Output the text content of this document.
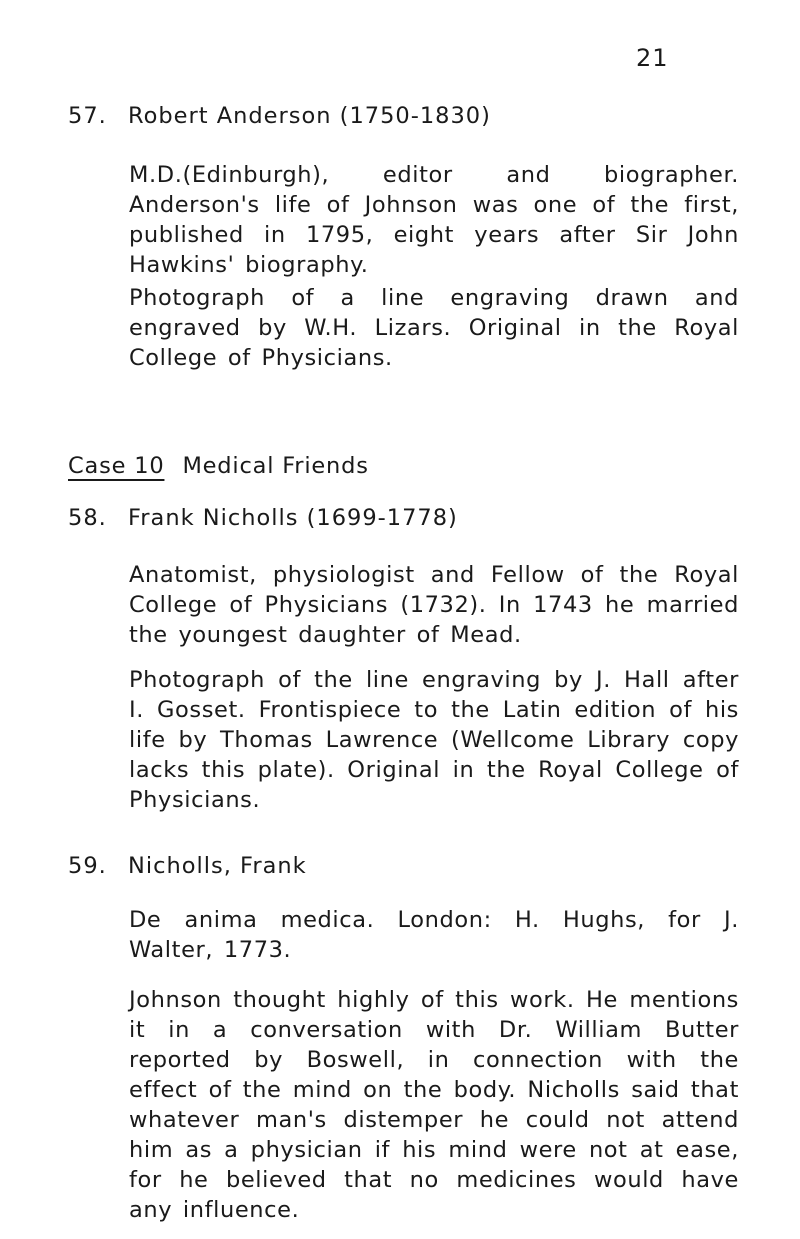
21
57. Robert Anderson (1750-1830)

M.D.(Edinburgh), editor and biographer. Anderson's life of Johnson was one of the first, published in 1795, eight years after Sir John Hawkins' biography.

Photograph of a line engraving drawn and engraved by W.H. Lizars. Original in the Royal College of Physicians.

Case 10 Medical Friends
58. Frank Nicholls (1699-1778)

Anatomist, physiologist and Fellow of the Royal College of Physicians (1732). In 1743 he married the youngest daughter of Mead.

Photograph of the line engraving by J. Hall after I. Gosset. Frontispiece to the Latin edition of his life by Thomas Lawrence (Wellcome Library copy lacks this plate). Original in the Royal College of Physicians.

59. Nicholls, Frank

De anima medica. London: H. Hughs, for J. Walter, 1773.

Johnson thought highly of this work. He mentions it in a conversation with Dr. William Butter reported by Boswell, in connection with the effect of the mind on the body. Nicholls said that whatever man's distemper he could not attend him as a physician if his mind were not at ease, for he believed that no medicines would have any influence.
